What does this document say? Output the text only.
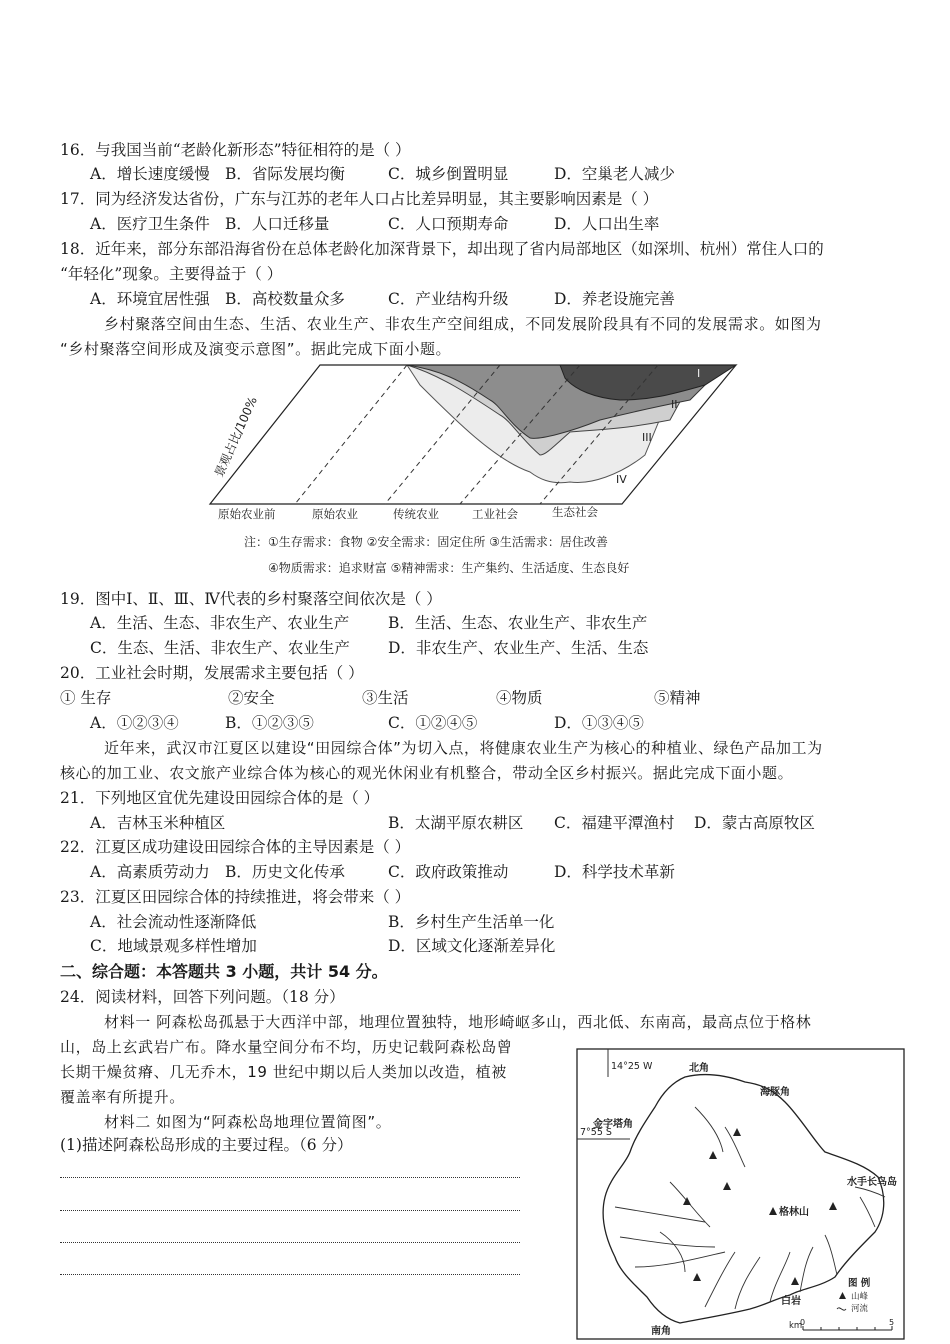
16．与我国当前“老龄化新形态”特征相符的是（ ）
A．增长速度缓慢 B．省际发展均衡	C．城乡倒置明显	D．空巢老人减少
17．同为经济发达省份，广东与江苏的老年人口占比差异明显，其主要影响因素是（ ）
A．医疗卫生条件 B．人口迁移量	C．人口预期寿命	D．人口出生率
18．近年来，部分东部沿海省份在总体老龄化加深背景下，却出现了省内局部地区（如深圳、杭州）常住人口的
“年轻化”现象。主要得益于（ ）
A．环境宜居性强 B．高校数量众多	C．产业结构升级	D．养老设施完善
乡村聚落空间由生态、生活、农业生产、非农生产空间组成，不同发展阶段具有不同的发展需求。如图为
“乡村聚落空间形成及演变示意图”。据此完成下面小题。
景观占比/100%
I
II
III
IV
原始农业前	原始农业	传统农业	工业社会	生态社会
注：①生存需求：食物 ②安全需求：固定住所 ③生活需求：居住改善
④物质需求：追求财富 ⑤精神需求：生产集约、生活适度、生态良好
19．图中Ⅰ、Ⅱ、Ⅲ、Ⅳ代表的乡村聚落空间依次是（ ）
A．生活、生态、非农生产、农业生产	B．生活、生态、农业生产、非农生产
C．生态、生活、非农生产、农业生产 D．非农生产、农业生产、生活、生态
20．工业社会时期，发展需求主要包括（ ）
① 生存	②安全	③生活	④物质	⑤精神
A．①②③④	B．①②③⑤	C．①②④⑤	D．①③④⑤
近年来，武汉市江夏区以建设“田园综合体”为切入点，将健康农业生产为核心的种植业、绿色产品加工为
核心的加工业、农文旅产业综合体为核心的观光休闲业有机整合，带动全区乡村振兴。据此完成下面小题。
21．下列地区宜优先建设田园综合体的是（ ）
A．吉林玉米种植区	B．太湖平原农耕区 C．福建平潭渔村 D．蒙古高原牧区
22．江夏区成功建设田园综合体的主导因素是（ ）
A．高素质劳动力 B．历史文化传承	C．政府政策推动	D．科学技术革新
23．江夏区田园综合体的持续推进，将会带来（ ）
A．社会流动性逐渐降低	B．乡村生产生活单一化
C．地域景观多样性增加	D．区域文化逐渐差异化
二、综合题：本答题共 3 小题，共计 54 分。
24．阅读材料，回答下列问题。（18 分）
材料一 阿森松岛孤悬于大西洋中部，地理位置独特，地形崎岖多山，西北低、东南高，最高点位于格林
山，岛上玄武岩广布。降水量空间分布不均，历史记载阿森松岛曾
长期干燥贫瘠、几无乔木，19 世纪中期以后人类加以改造，植被
覆盖率有所提升。
材料二 如图为“阿森松岛地理位置简图”。
(1)描述阿森松岛形成的主要过程。（6 分）
14°25 W
7°55 S
北角
海豚角
金字塔角
水手长鸟岛
格林山
白岩
南角
图 例
山峰
河流
km
0	5
